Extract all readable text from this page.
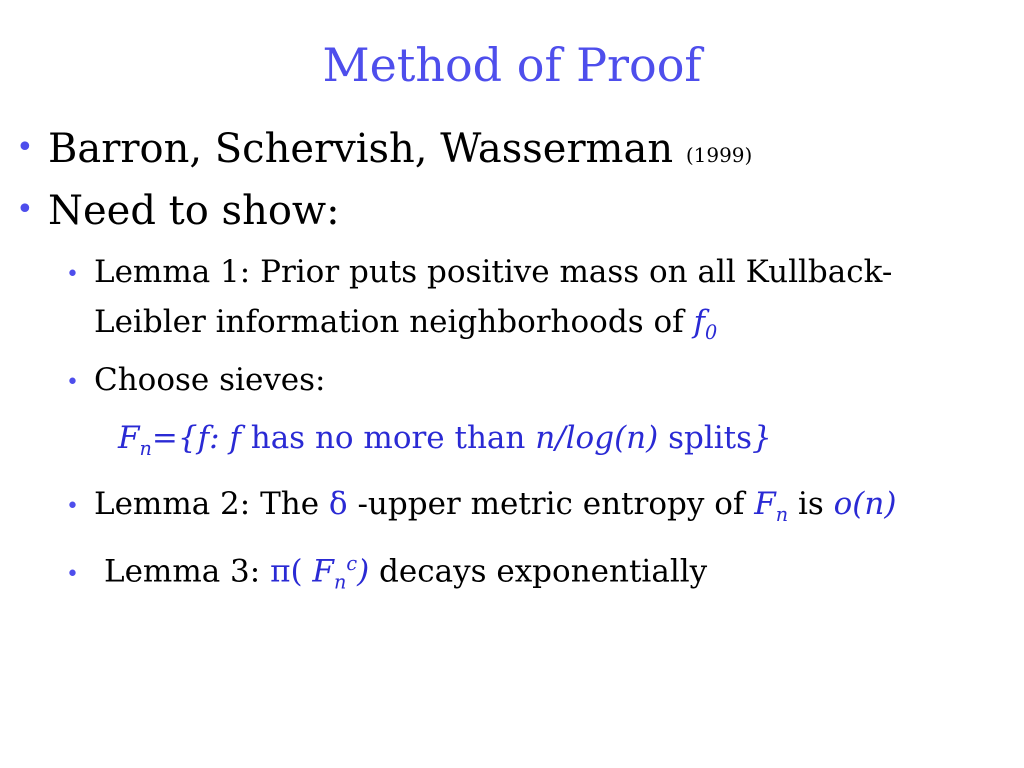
Method of Proof
• Barron, Schervish, Wasserman (1999)
• Need to show:
• Lemma 1: Prior puts positive mass on all Kullback-
Leibler information neighborhoods of $f_0$
• Choose sieves:
$F_n=\{f$: f has no more than n/log(n) splits}
• Lemma 2: The δ -upper metric entropy of $F_n$ is o(n)
• Lemma 3: π( $F_n^c$) decays exponentially
